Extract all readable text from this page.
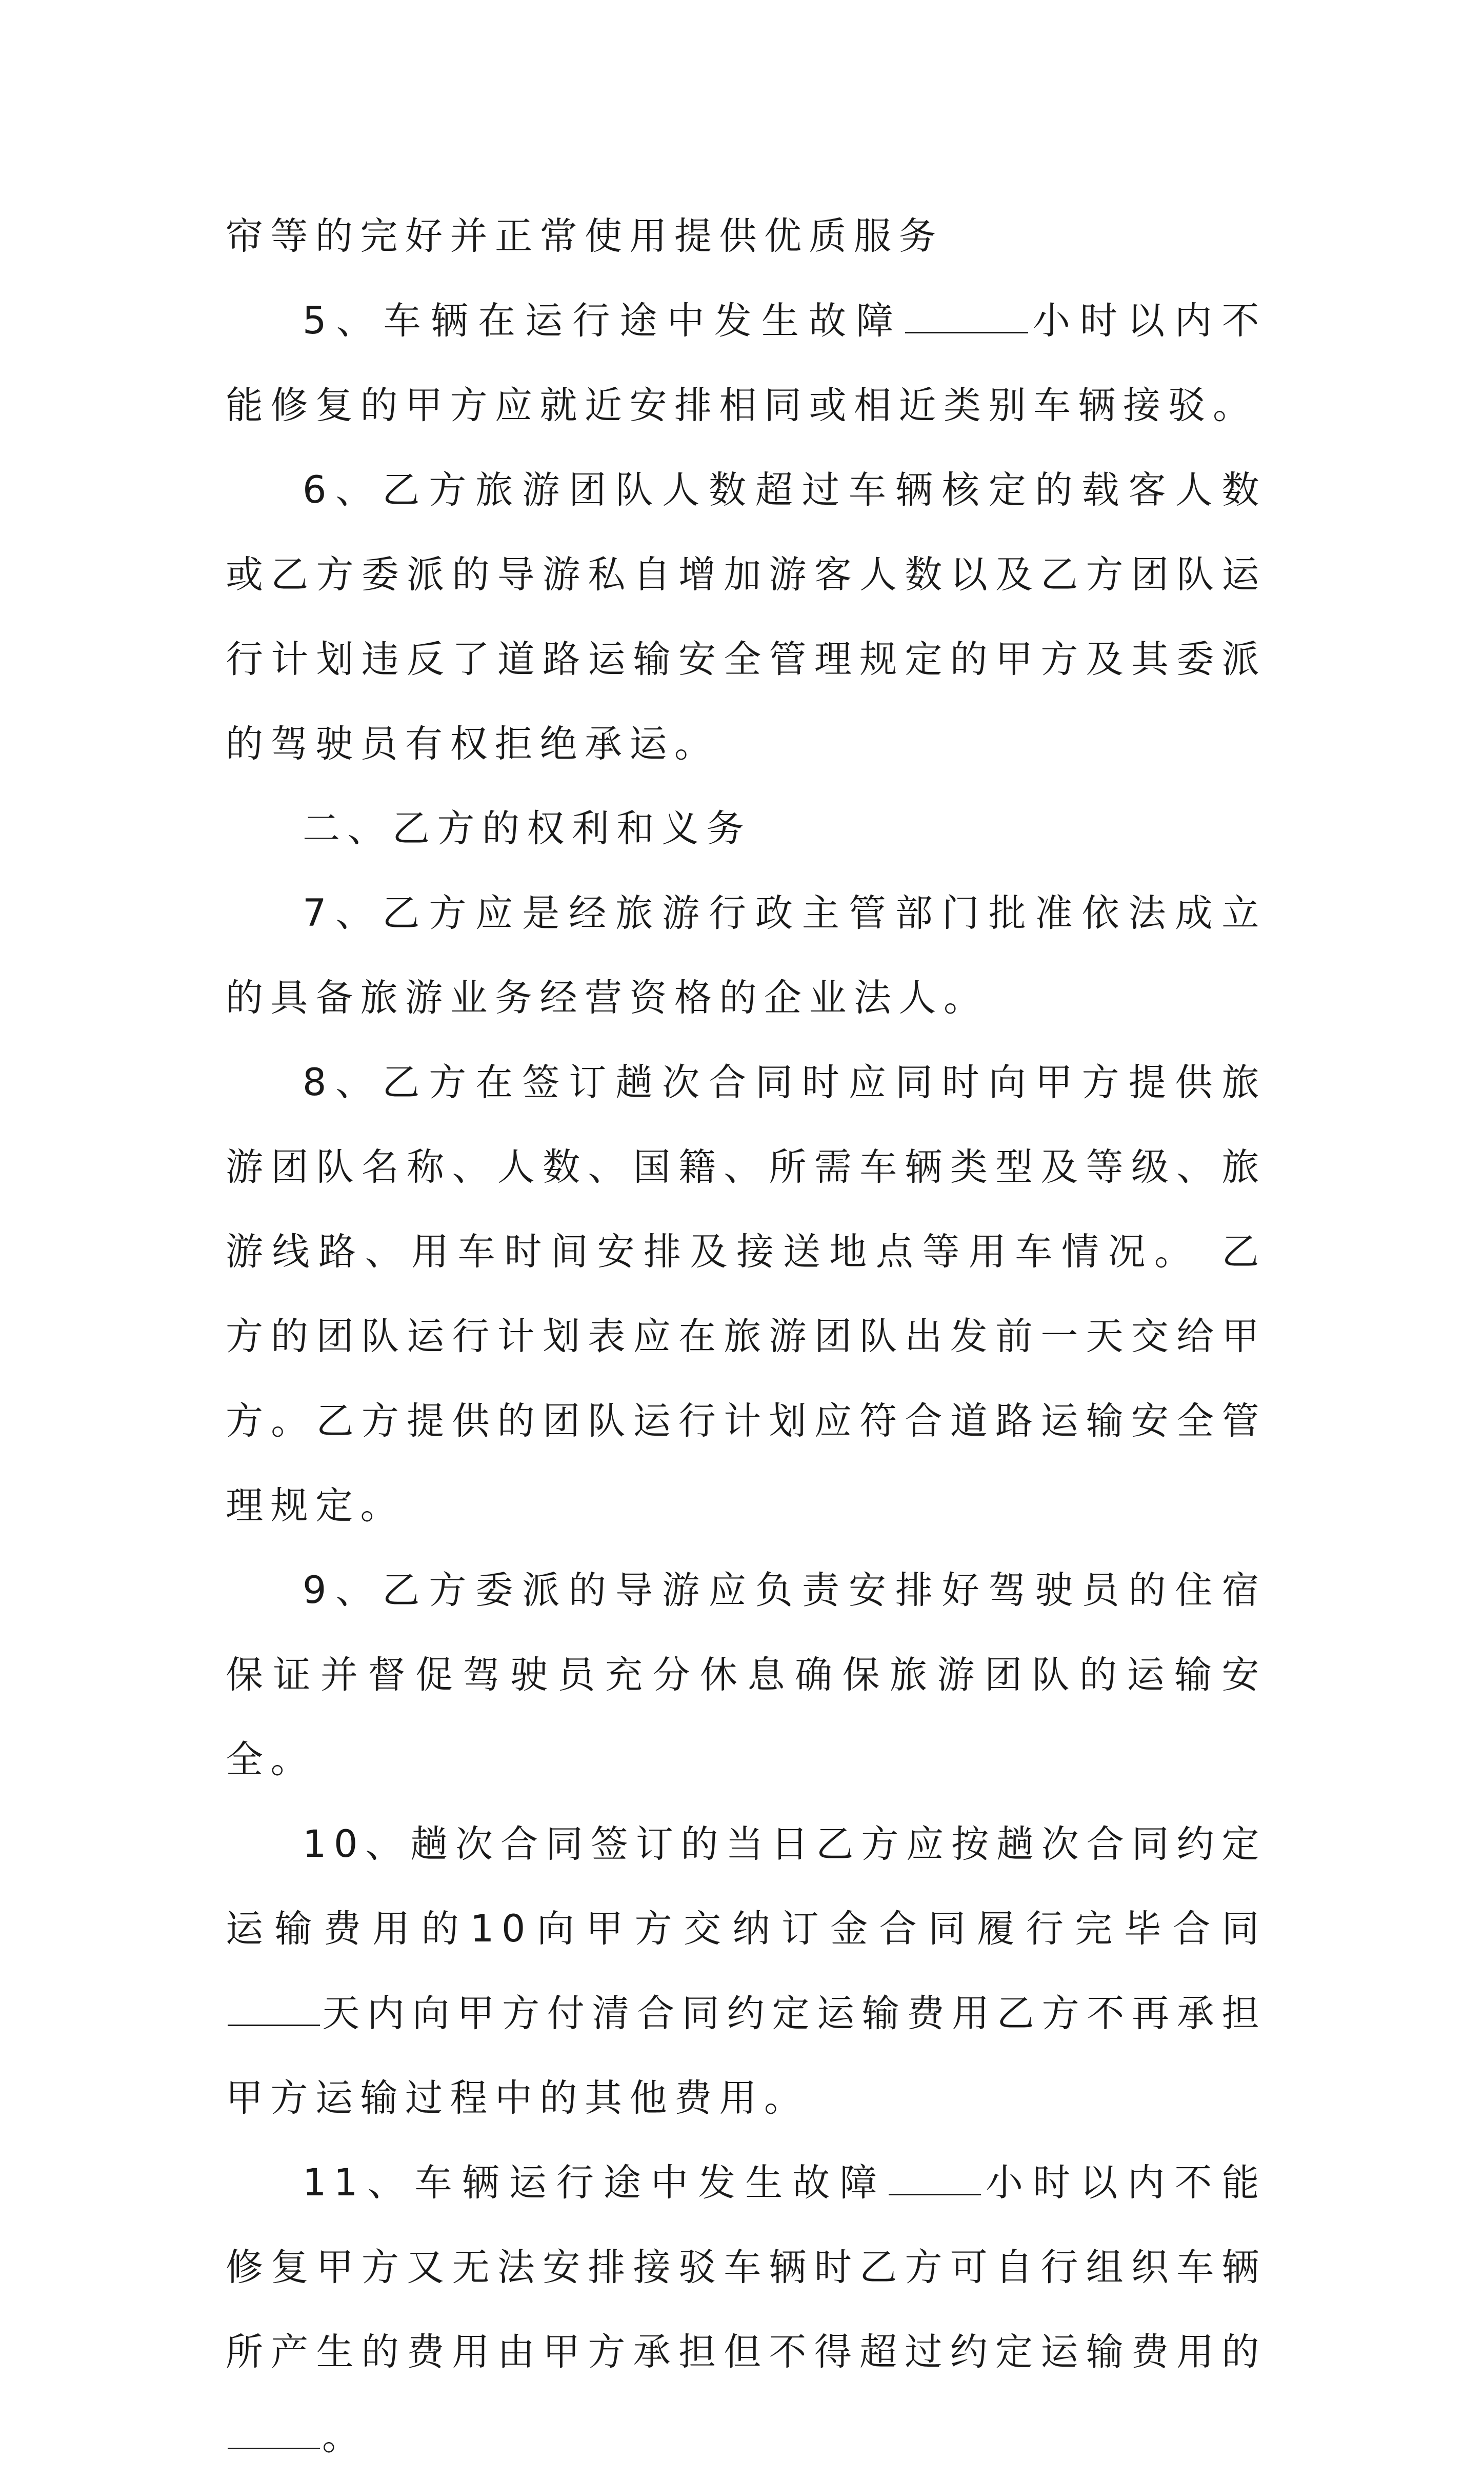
帘等的完好并正常使用提供优质服务

5、车辆在运行途中发生故障	小时以内不能修复的甲方应就近安排相同或相近类别车辆接驳。

6、乙方旅游团队人数超过车辆核定的载客人数或乙方委派的导游私自增加游客人数以及乙方团队运行计划违反了道路运输安全管理规定的甲方及其委派的驾驶员有权拒绝承运。

二、乙方的权利和义务

7、乙方应是经旅游行政主管部门批准依法成立的具备旅游业务经营资格的企业法人。

8、乙方在签订趟次合同时应同时向甲方提供旅游团队名称、人数、国籍、所需车辆类型及等级、旅游线路、用车时间安排及接送地点等用车情况。 乙方的团队运行计划表应在旅游团队出发前一天交给甲方。乙方提供的团队运行计划应符合道路运输安全管理规定。

9、乙方委派的导游应负责安排好驾驶员的住宿保证并督促驾驶员充分休息确保旅游团队的运输安全。

10、趟次合同签订的当日乙方应按趟次合同约定运输费用的10向甲方交纳订金合同履行完毕合同天内向甲方付清合同约定运输费用乙方不再承担甲方运输过程中的其他费用。

11、车辆运行途中发生故障	小时以内不能修复甲方又无法安排接驳车辆时乙方可自行组织车辆所产生的费用由甲方承担但不得超过约定运输费用的。
